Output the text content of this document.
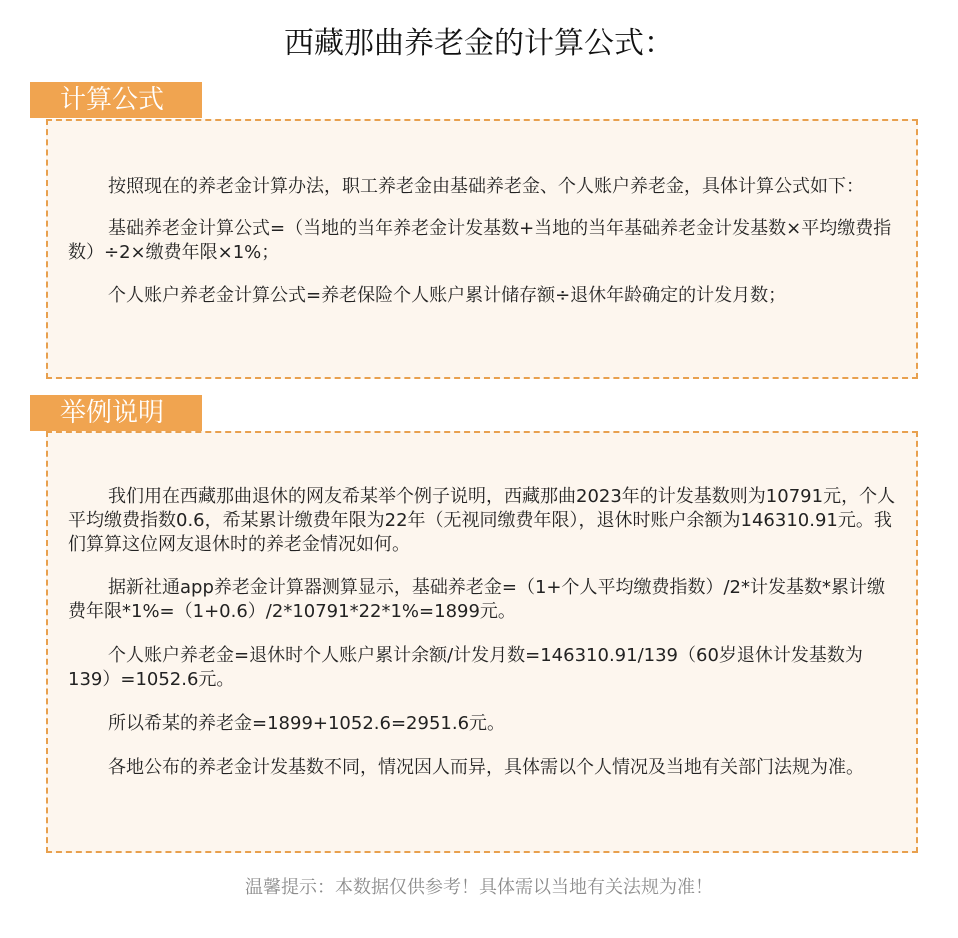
西藏那曲养老金的计算公式：

按照现在的养老金计算办法，职工养老金由基础养老金、个人账户养老金，具体计算公式如下：

基础养老金计算公式=（当地的当年养老金计发基数+当地的当年基础养老金计发基数×平均缴费指数）÷2×缴费年限×1%；

个人账户养老金计算公式=养老保险个人账户累计储存额÷退休年龄确定的计发月数；

计算公式

我们用在西藏那曲退休的网友希某举个例子说明，西藏那曲2023年的计发基数则为10791元，个人平均缴费指数0.6，希某累计缴费年限为22年（无视同缴费年限），退休时账户余额为146310.91元。我们算算这位网友退休时的养老金情况如何。

据新社通app养老金计算器测算显示，基础养老金=（1+个人平均缴费指数）/2*计发基数*累计缴费年限*1%=（1+0.6）/2*10791*22*1%=1899元。

个人账户养老金=退休时个人账户累计余额/计发月数=146310.91/139（60岁退休计发基数为139）=1052.6元。

所以希某的养老金=1899+1052.6=2951.6元。

各地公布的养老金计发基数不同，情况因人而异，具体需以个人情况及当地有关部门法规为准。

举例说明
温馨提示：本数据仅供参考！具体需以当地有关法规为准！
